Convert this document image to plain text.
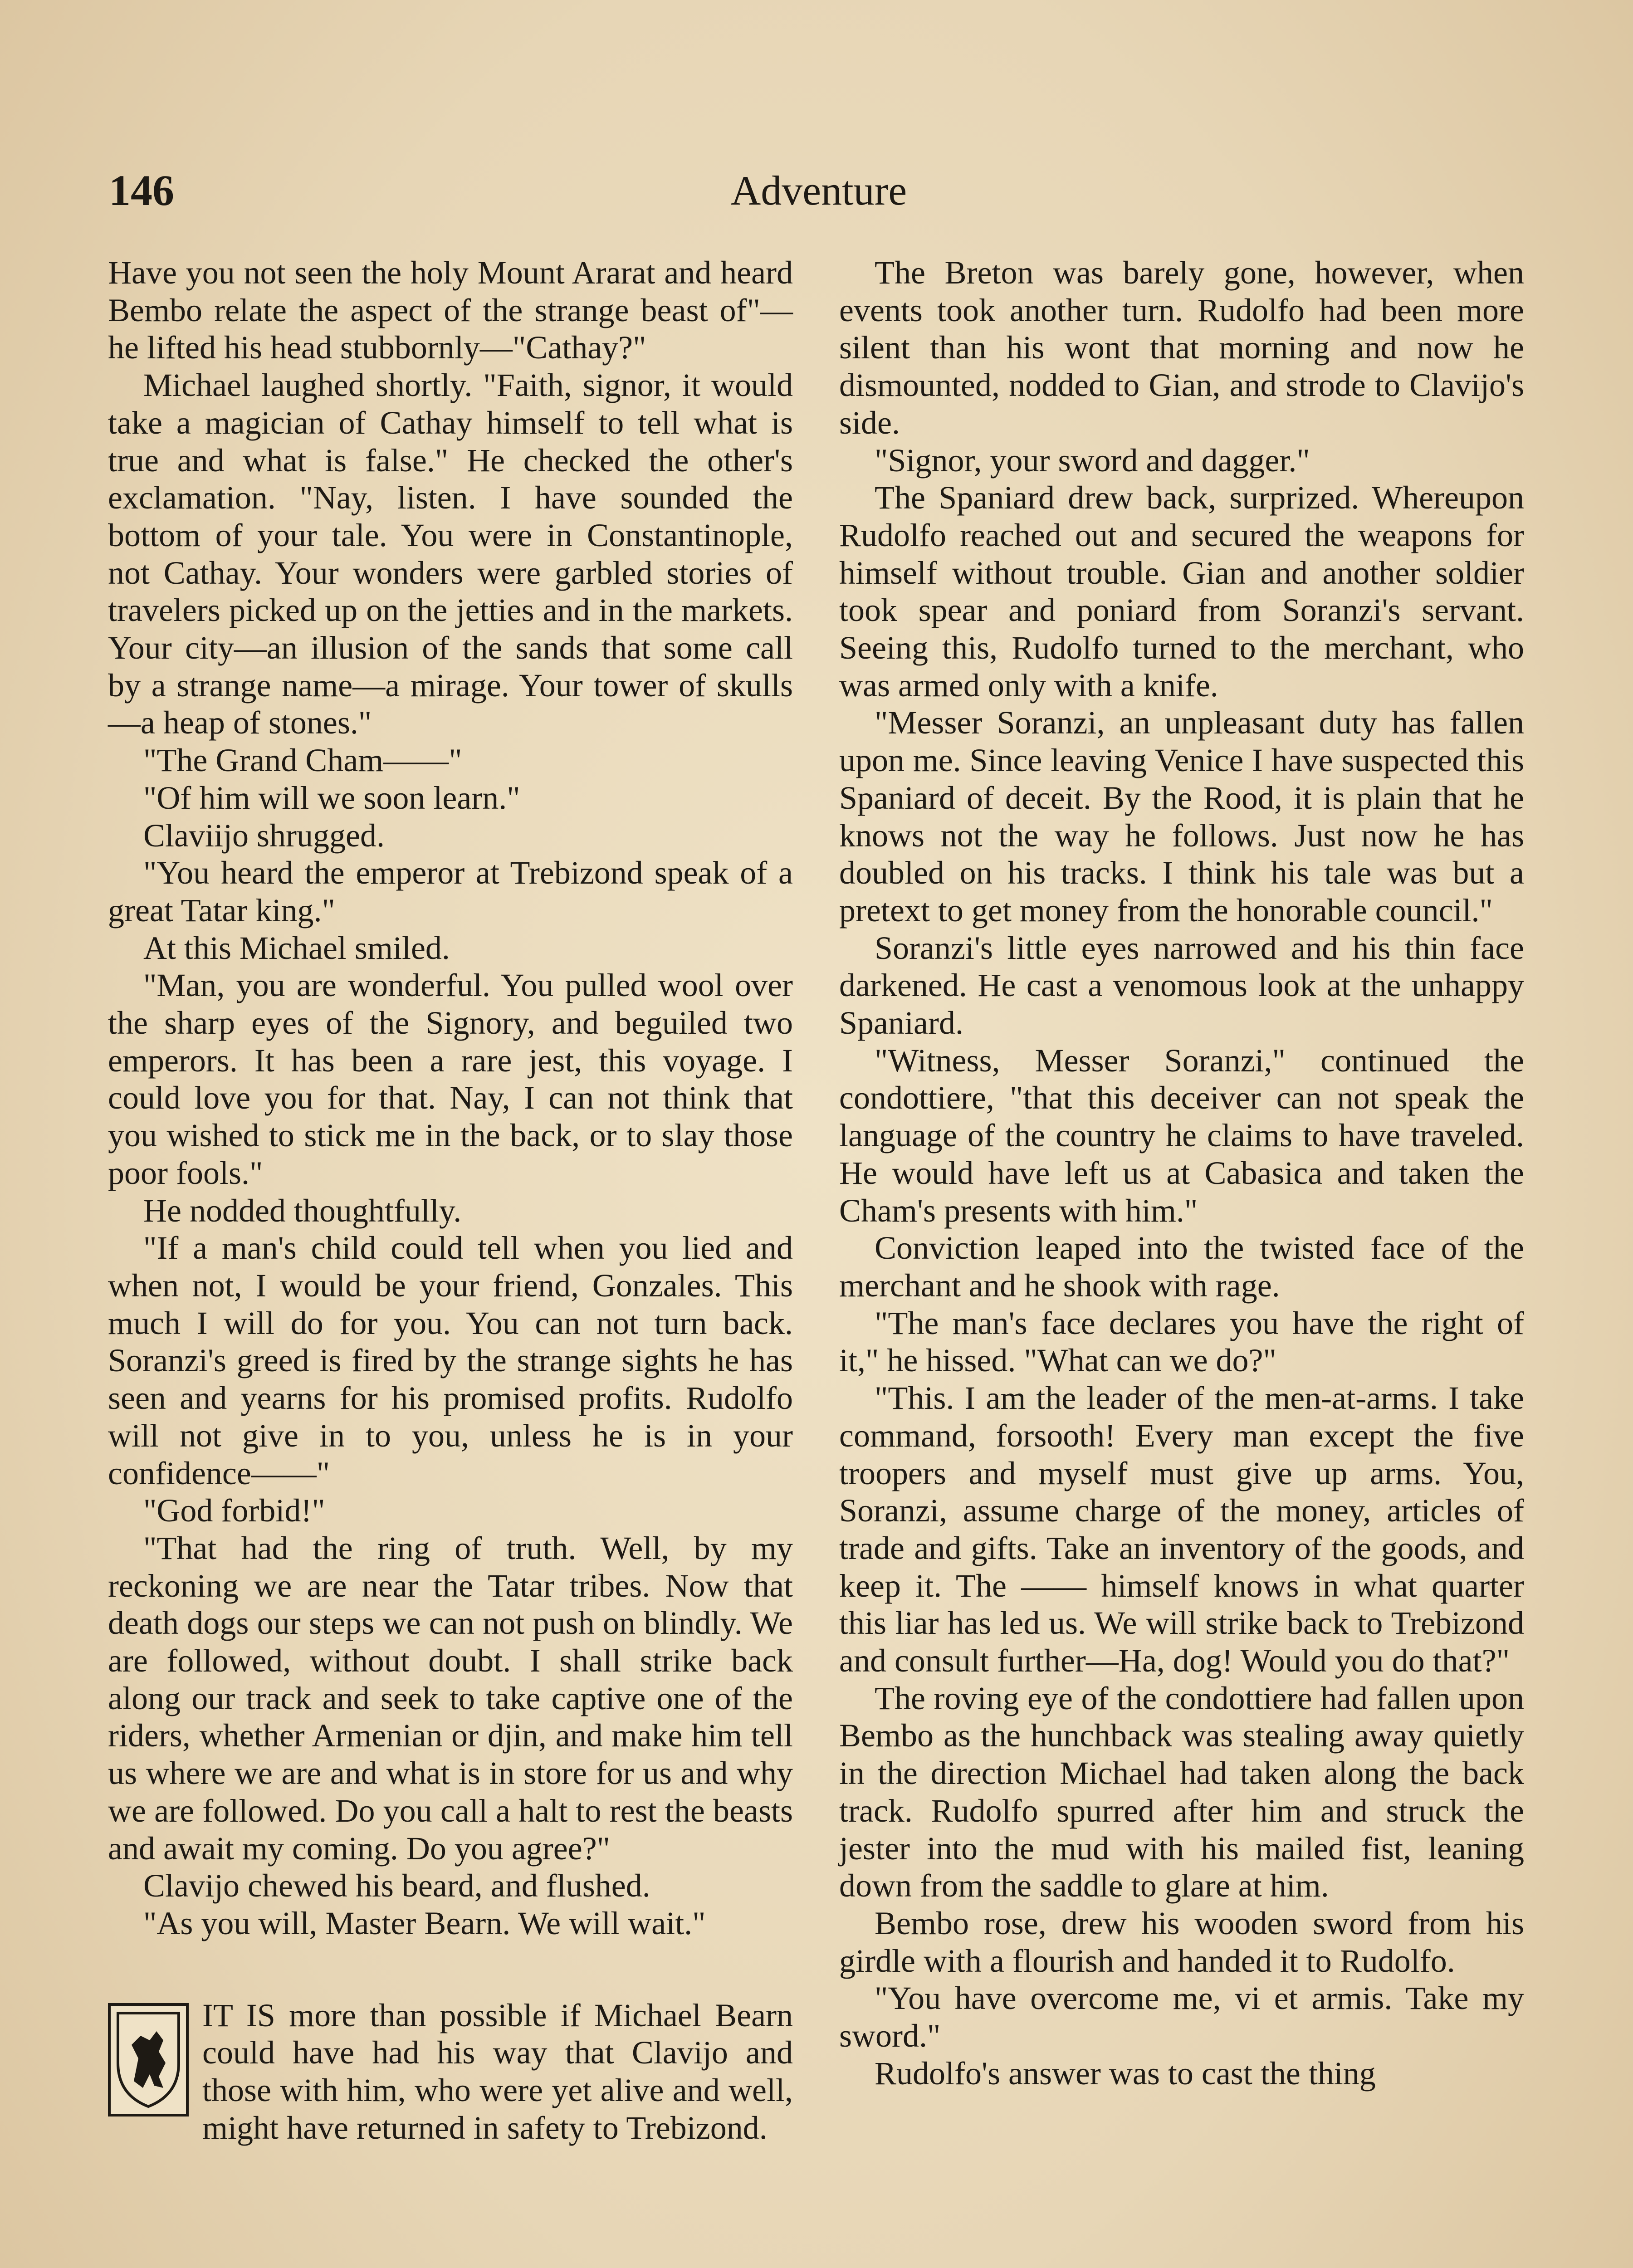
146	Adventure

Have you not seen the holy Mount Ararat and heard Bembo relate the aspect of the strange beast of"—he lifted his head stubbornly—"Cathay?"

Michael laughed shortly. "Faith, signor, it would take a magician of Cathay himself to tell what is true and what is false." He checked the other's exclamation. "Nay, listen. I have sounded the bottom of your tale. You were in Constantinople, not Cathay. Your wonders were garbled stories of travelers picked up on the jetties and in the markets. Your city—an illusion of the sands that some call by a strange name—a mirage. Your tower of skulls—a heap of stones."

"The Grand Cham——"

"Of him will we soon learn."

Claviijo shrugged.

"You heard the emperor at Trebizond speak of a great Tatar king."

At this Michael smiled.

"Man, you are wonderful. You pulled wool over the sharp eyes of the Signory, and beguiled two emperors. It has been a rare jest, this voyage. I could love you for that. Nay, I can not think that you wished to stick me in the back, or to slay those poor fools."

He nodded thoughtfully.

"If a man's child could tell when you lied and when not, I would be your friend, Gonzales. This much I will do for you. You can not turn back. Soranzi's greed is fired by the strange sights he has seen and yearns for his promised profits. Rudolfo will not give in to you, unless he is in your confidence——"

"God forbid!"

"That had the ring of truth. Well, by my reckoning we are near the Tatar tribes. Now that death dogs our steps we can not push on blindly. We are followed, without doubt. I shall strike back along our track and seek to take captive one of the riders, whether Armenian or djin, and make him tell us where we are and what is in store for us and why we are followed. Do you call a halt to rest the beasts and await my coming. Do you agree?"

Clavijo chewed his beard, and flushed.

"As you will, Master Bearn. We will wait."

IT IS more than possible if Michael Bearn could have had his way that Clavijo and those with him, who were yet alive and well, might have returned in safety to Trebizond.

The Breton was barely gone, however, when events took another turn. Rudolfo had been more silent than his wont that morning and now he dismounted, nodded to Gian, and strode to Clavijo's side.

"Signor, your sword and dagger."

The Spaniard drew back, surprized. Whereupon Rudolfo reached out and secured the weapons for himself without trouble. Gian and another soldier took spear and poniard from Soranzi's servant. Seeing this, Rudolfo turned to the merchant, who was armed only with a knife.

"Messer Soranzi, an unpleasant duty has fallen upon me. Since leaving Venice I have suspected this Spaniard of deceit. By the Rood, it is plain that he knows not the way he follows. Just now he has doubled on his tracks. I think his tale was but a pretext to get money from the honorable council."

Soranzi's little eyes narrowed and his thin face darkened. He cast a venomous look at the unhappy Spaniard.

"Witness, Messer Soranzi," continued the condottiere, "that this deceiver can not speak the language of the country he claims to have traveled. He would have left us at Cabasica and taken the Cham's presents with him."

Conviction leaped into the twisted face of the merchant and he shook with rage.

"The man's face declares you have the right of it," he hissed. "What can we do?"

"This. I am the leader of the men-at-arms. I take command, forsooth! Every man except the five troopers and myself must give up arms. You, Soranzi, assume charge of the money, articles of trade and gifts. Take an inventory of the goods, and keep it. The —— himself knows in what quarter this liar has led us. We will strike back to Trebizond and consult further—Ha, dog! Would you do that?"

The roving eye of the condottiere had fallen upon Bembo as the hunchback was stealing away quietly in the direction Michael had taken along the back track. Rudolfo spurred after him and struck the jester into the mud with his mailed fist, leaning down from the saddle to glare at him.

Bembo rose, drew his wooden sword from his girdle with a flourish and handed it to Rudolfo.

"You have overcome me, vi et armis. Take my sword."

Rudolfo's answer was to cast the thing
